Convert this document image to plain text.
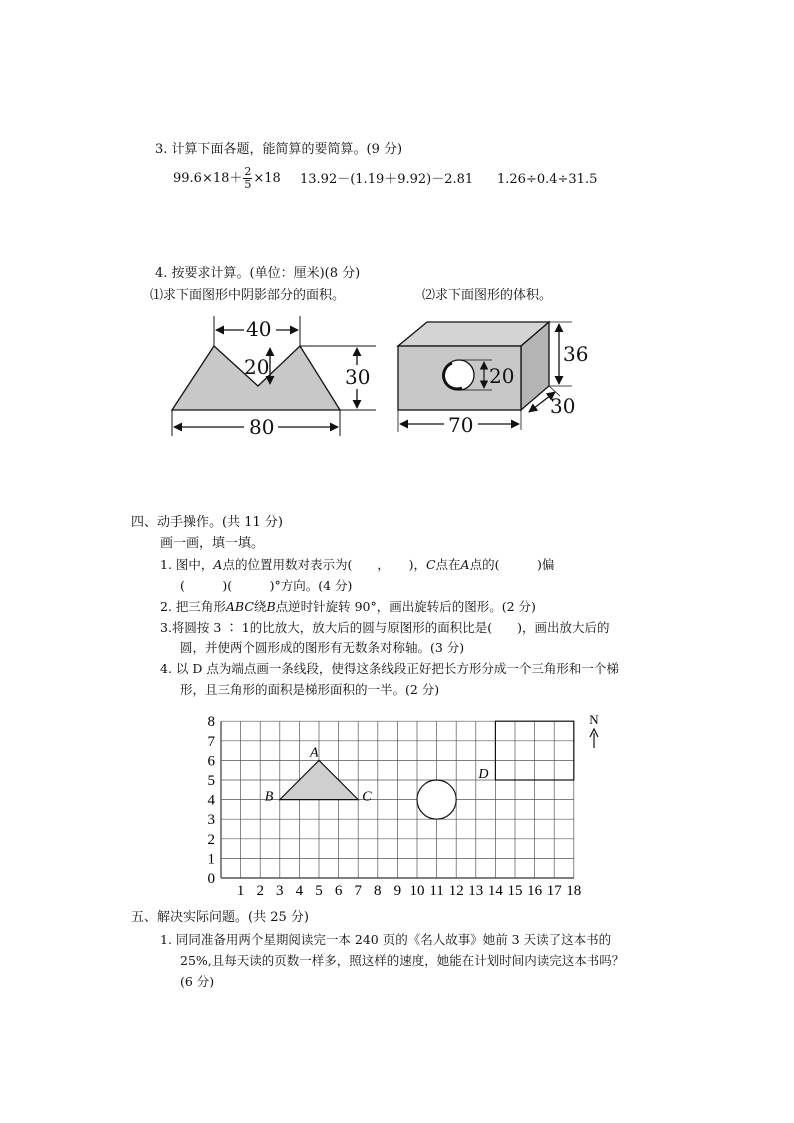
3. 计算下面各题，能简算的要简算。(9 分)
$99.6\times 18+ \frac{2}{5} \times 18$ 13.92－(1.19＋9.92)－2.81 1.26÷0.4÷31.5
4. 按要求计算。(单位：厘米)(8 分)
⑴求下面图形中阴影部分的面积。	⑵求下面图形的体积。
40
20	30
80
36
20
30
70
四、动手操作。(共 11 分)
画一画，填一填。
1. 图中，A点的位置用数对表示为(　　，　　)，C点在A点的(　　　)偏
(　　　)(　　　)°方向。(4 分)
2. 把三角形ABC绕B点逆时针旋转 90°，画出旋转后的图形。(2 分)
3.将圆按 3 ∶ 1的比放大，放大后的圆与原图形的面积比是(　　)，画出放大后的
圆，并使两个圆形成的图形有无数条对称轴。(3 分)
4. 以 D 点为端点画一条线段，使得这条线段正好把长方形分成一个三角形和一个梯
形，且三角形的面积是梯形面积的一半。(2 分)
0
1
2
3
4
5
6
7
8
1 2 3 4 5 6 7 8 9 10 11 12 13 14 15 16 17 18
A
B	C
D
N
五、解决实际问题。(共 25 分)
1. 同同准备用两个星期阅读完一本 240 页的《名人故事》她前 3 天读了这本书的
25%,且每天读的页数一样多，照这样的速度，她能在计划时间内读完这本书吗？
(6 分)
